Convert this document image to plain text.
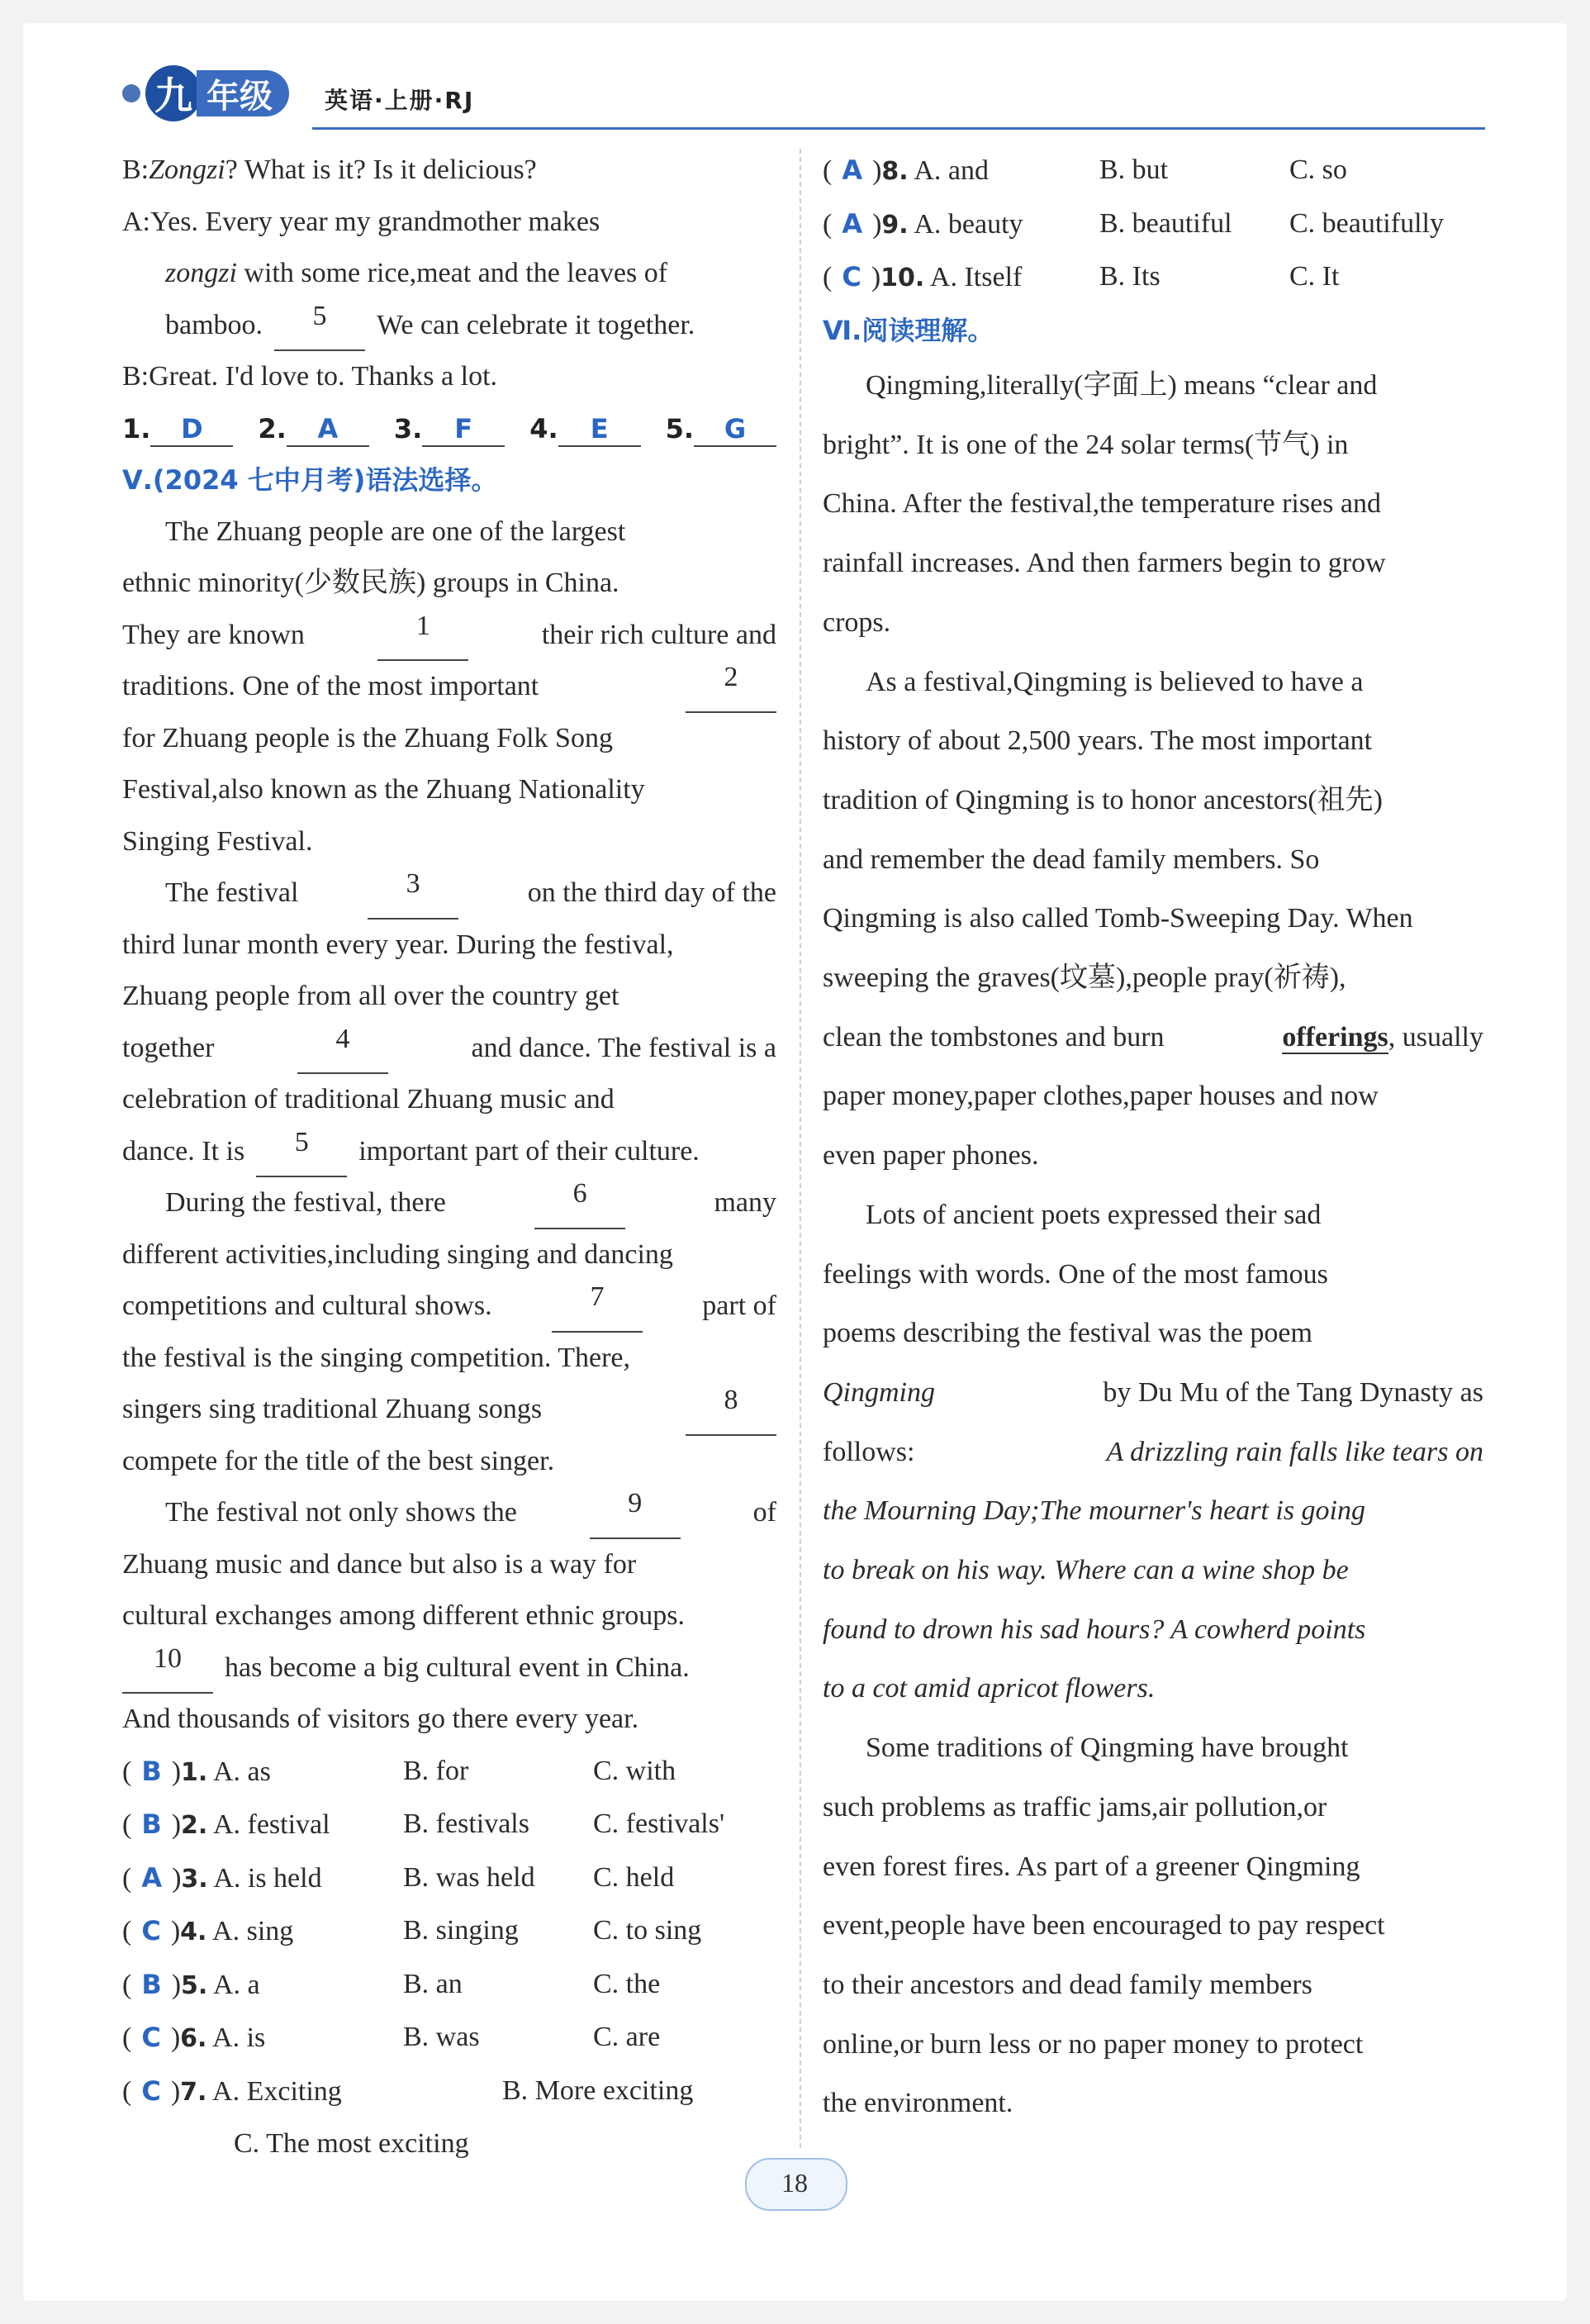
九 年级	英语·上册·RJ
B:Zongzi? What is it? Is it delicious?
A:Yes. Every year my grandmother makes
zongzi with some rice,meat and the leaves of
bamboo.	5	We can celebrate it together.
B:Great. I'd love to. Thanks a lot.
1. D	2. A	3. F	4. E	5. G
Ⅴ.(2024 七中月考)语法选择。
The Zhuang people are one of the largest
ethnic minority(少数民族) groups in China.
They are known	1	their rich culture and
traditions. One of the most important	2
for Zhuang people is the Zhuang Folk Song
Festival,also known as the Zhuang Nationality
Singing Festival.
The festival	3	on the third day of the
third lunar month every year. During the festival,
Zhuang people from all over the country get
together	4	and dance. The festival is a
celebration of traditional Zhuang music and
dance. It is	5	important part of their culture.
During the festival, there	6	many
different activities,including singing and dancing
competitions and cultural shows.	7	part of
the festival is the singing competition. There,
singers sing traditional Zhuang songs	8
compete for the title of the best singer.
The festival not only shows the	9	of
Zhuang music and dance but also is a way for
cultural exchanges among different ethnic groups.
10	has become a big cultural event in China.
And thousands of visitors go there every year.
( B )1. A. as	B. for	C. with
( B )2. A. festival	B. festivals	C. festivals'
( A )3. A. is held	B. was held	C. held
( C )4. A. sing	B. singing	C. to sing
( B )5. A. a	B. an	C. the
( C )6. A. is	B. was	C. are
( C )7. A. Exciting	B. More exciting
C. The most exciting
( A )8. A. and	B. but	C. so
( A )9. A. beauty	B. beautiful	C. beautifully
( C )10. A. Itself	B. Its	C. It
Ⅵ.阅读理解。
Qingming,literally(字面上) means “clear and
bright”. It is one of the 24 solar terms(节气) in
China. After the festival,the temperature rises and
rainfall increases. And then farmers begin to grow
crops.
As a festival,Qingming is believed to have a
history of about 2,500 years. The most important
tradition of Qingming is to honor ancestors(祖先)
and remember the dead family members. So
Qingming is also called Tomb-Sweeping Day. When
sweeping the graves(坟墓),people pray(祈祷),
clean the tombstones and burn	offerings, usually
paper money,paper clothes,paper houses and now
even paper phones.
Lots of ancient poets expressed their sad
feelings with words. One of the most famous
poems describing the festival was the poem
Qingming	by Du Mu of the Tang Dynasty as
follows:	A drizzling rain falls like tears on
the Mourning Day;The mourner's heart is going
to break on his way. Where can a wine shop be
found to drown his sad hours? A cowherd points
to a cot amid apricot flowers.
Some traditions of Qingming have brought
such problems as traffic jams,air pollution,or
even forest fires. As part of a greener Qingming
event,people have been encouraged to pay respect
to their ancestors and dead family members
online,or burn less or no paper money to protect
the environment.
18
